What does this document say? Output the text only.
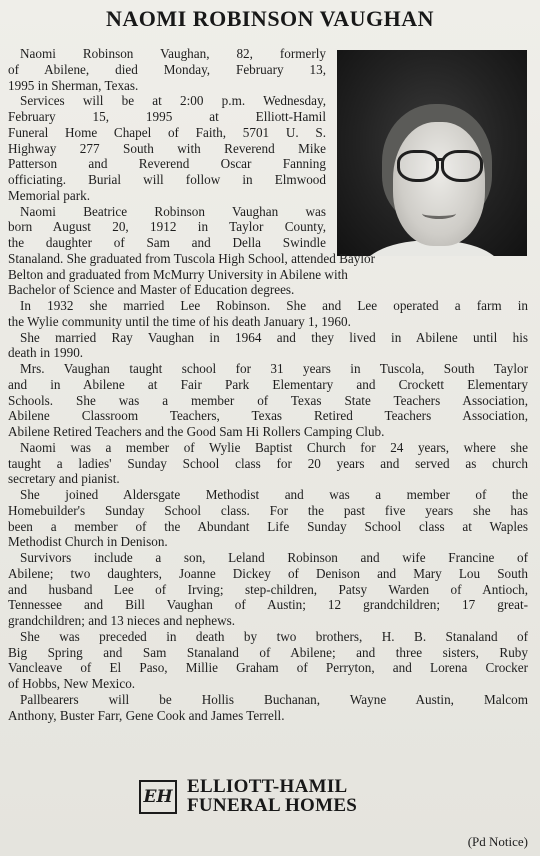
NAOMI ROBINSON VAUGHAN
Naomi Robinson Vaughan, 82, formerly
of Abilene, died Monday, February 13,
1995 in Sherman, Texas.
Services will be at 2:00 p.m. Wednesday,
February 15, 1995 at Elliott-Hamil
Funeral Home Chapel of Faith, 5701 U. S.
Highway 277 South with Reverend Mike
Patterson and Reverend Oscar Fanning
officiating. Burial will follow in Elmwood
Memorial park.
Naomi Beatrice Robinson Vaughan was
born August 20, 1912 in Taylor County,
the daughter of Sam and Della Swindle
Stanaland. She graduated from Tuscola High School, attended Baylor
Belton and graduated from McMurry University in Abilene with
Bachelor of Science and Master of Education degrees.
In 1932 she married Lee Robinson. She and Lee operated a farm in
the Wylie community until the time of his death January 1, 1960.
She married Ray Vaughan in 1964 and they lived in Abilene until his
death in 1990.
Mrs. Vaughan taught school for 31 years in Tuscola, South Taylor
and in Abilene at Fair Park Elementary and Crockett Elementary
Schools. She was a member of Texas State Teachers Association,
Abilene Classroom Teachers, Texas Retired Teachers Association,
Abilene Retired Teachers and the Good Sam Hi Rollers Camping Club.
Naomi was a member of Wylie Baptist Church for 24 years, where she
taught a ladies' Sunday School class for 20 years and served as church
secretary and pianist.
She joined Aldersgate Methodist and was a member of the
Homebuilder's Sunday School class. For the past five years she has
been a member of the Abundant Life Sunday School class at Waples
Methodist Church in Denison.
Survivors include a son, Leland Robinson and wife Francine of
Abilene; two daughters, Joanne Dickey of Denison and Mary Lou South
and husband Lee of Irving; step-children, Patsy Warden of Antioch,
Tennessee and Bill Vaughan of Austin; 12 grandchildren; 17 great-
grandchildren; and 13 nieces and nephews.
She was preceded in death by two brothers, H. B. Stanaland of
Big Spring and Sam Stanaland of Abilene; and three sisters, Ruby
Vancleave of El Paso, Millie Graham of Perryton, and Lorena Crocker
of Hobbs, New Mexico.
Pallbearers will be Hollis Buchanan, Wayne Austin, Malcom
Anthony, Buster Farr, Gene Cook and James Terrell.
EH ELLIOTT-HAMIL
FUNERAL HOMES
(Pd Notice)
